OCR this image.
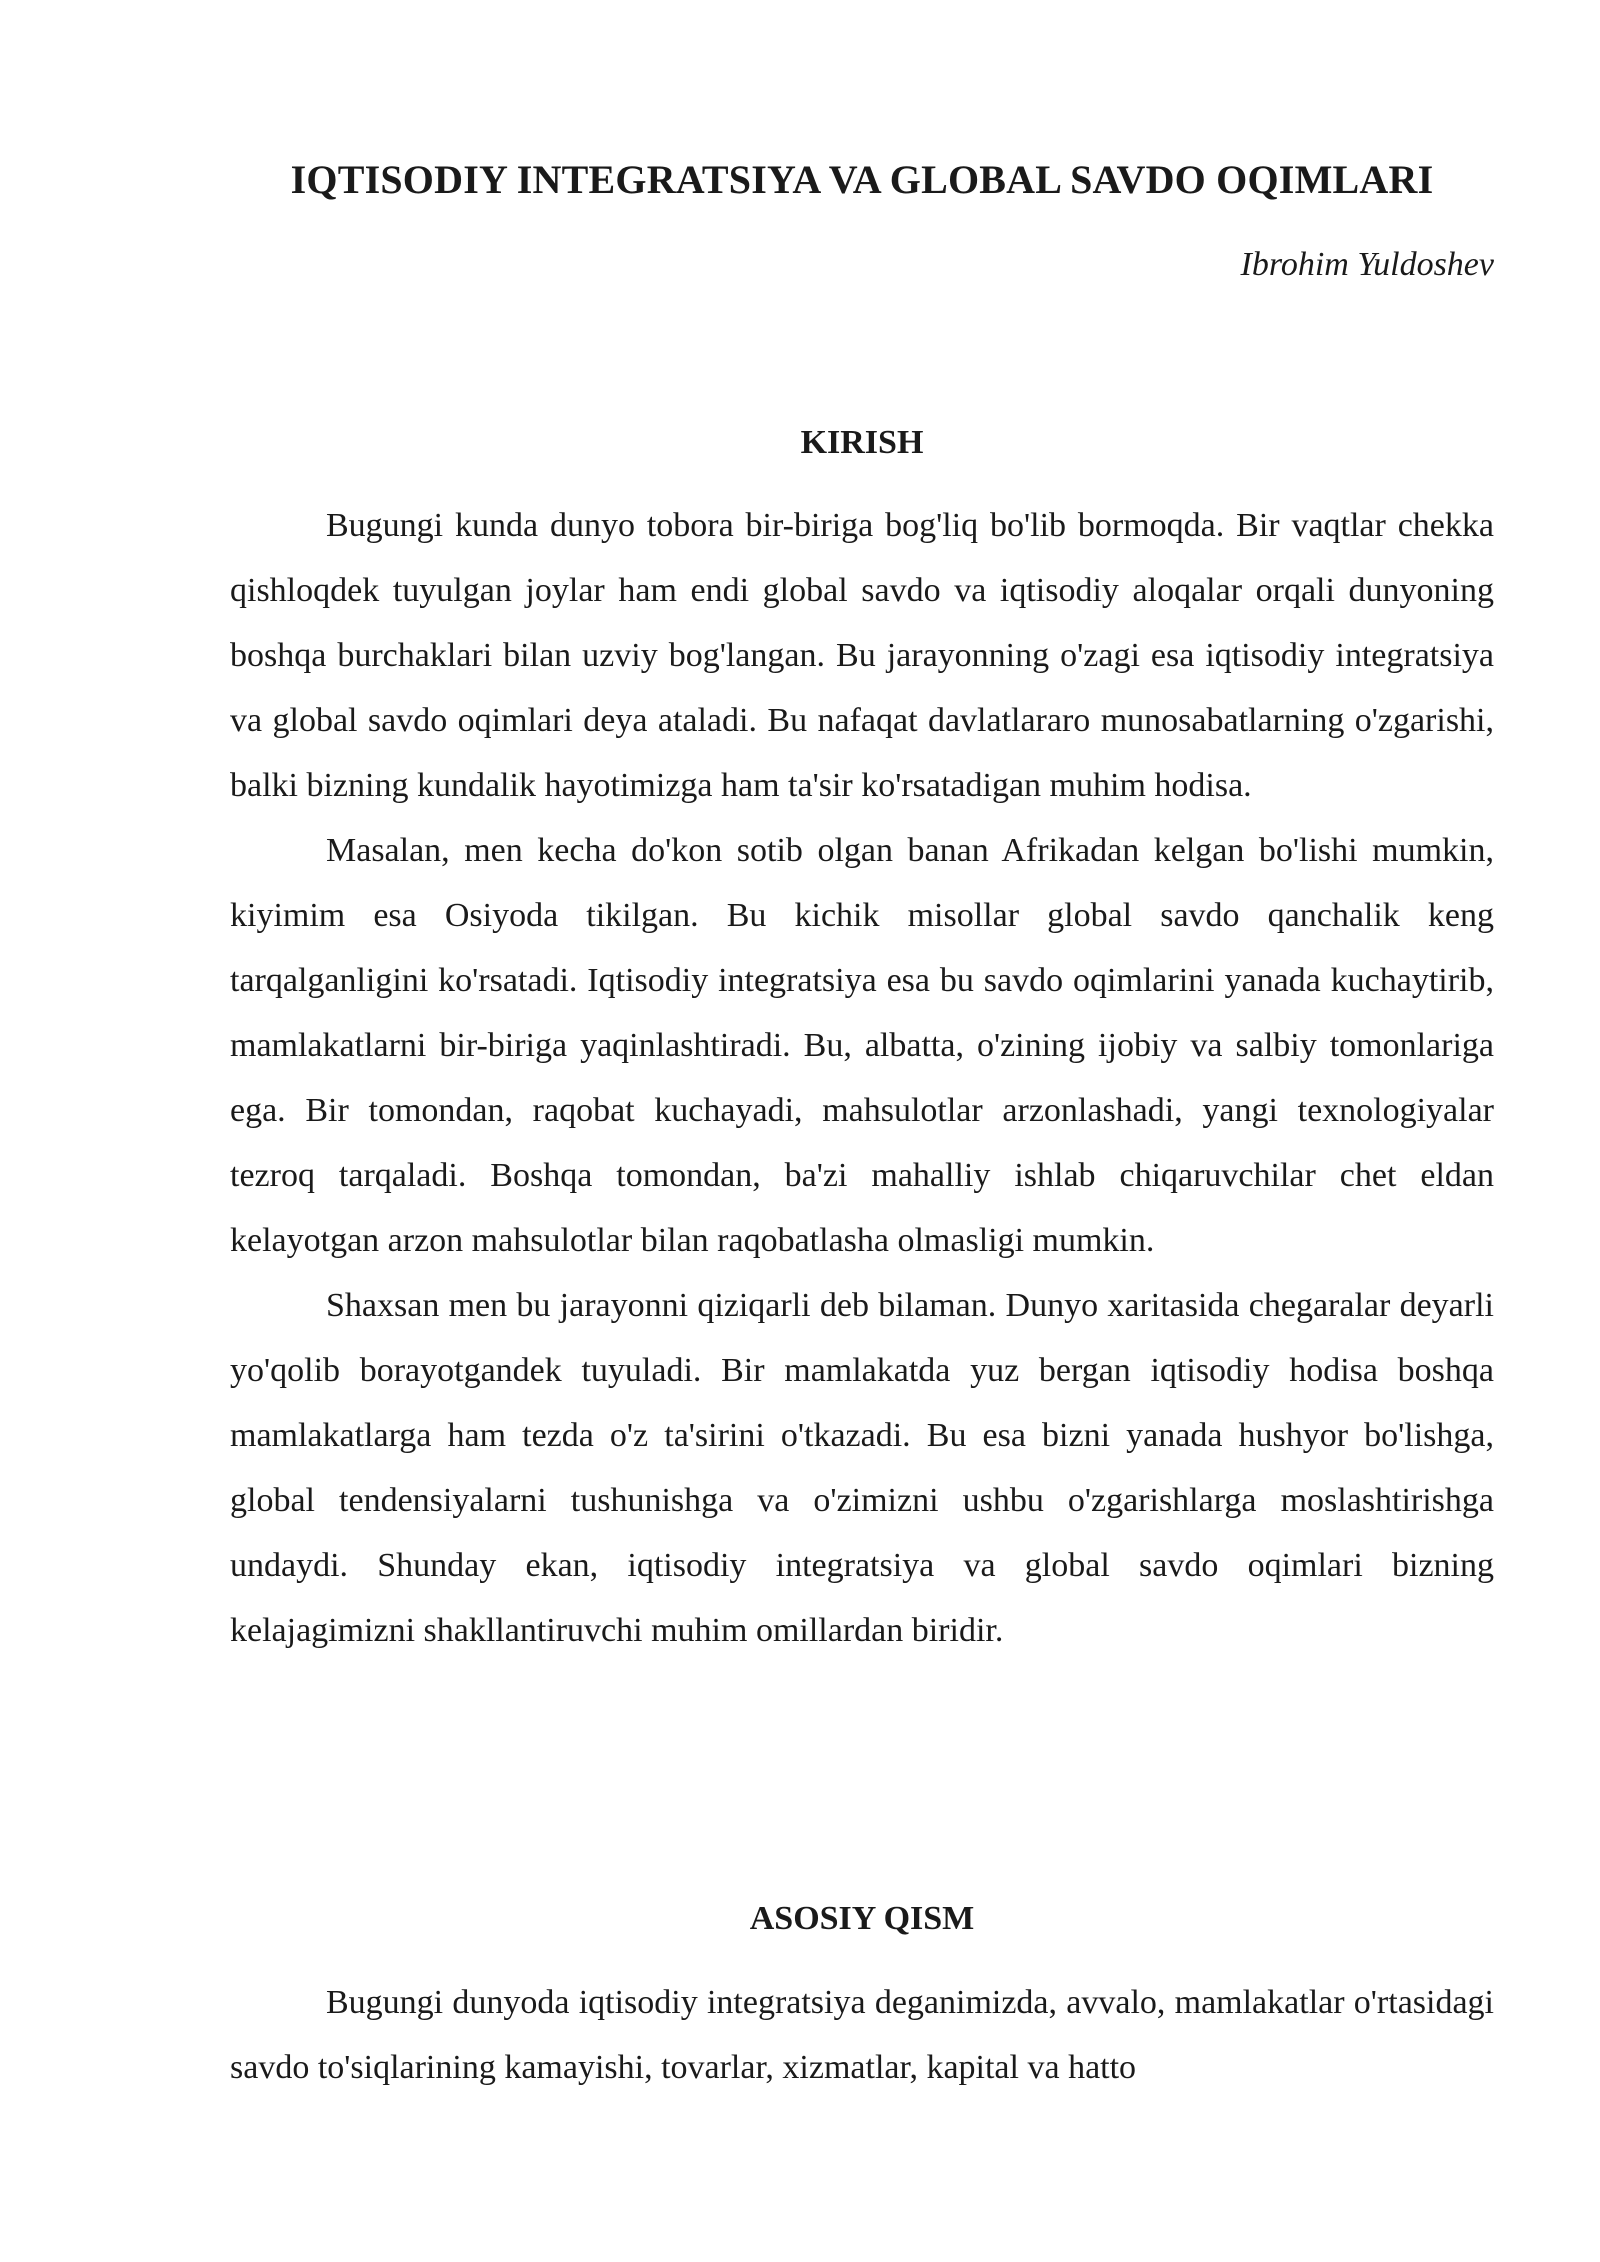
IQTISODIY INTEGRATSIYA VA GLOBAL SAVDO OQIMLARI

Ibrohim Yuldoshev

KIRISH

Bugungi kunda dunyo tobora bir-biriga bog'liq bo'lib bormoqda. Bir vaqtlar chekka qishloqdek tuyulgan joylar ham endi global savdo va iqtisodiy aloqalar orqali dunyoning boshqa burchaklari bilan uzviy bog'langan. Bu jarayonning o'zagi esa iqtisodiy integratsiya va global savdo oqimlari deya ataladi. Bu nafaqat davlatlararo munosabatlarning o'zgarishi, balki bizning kundalik hayotimizga ham ta'sir ko'rsatadigan muhim hodisa.

Masalan, men kecha do'kon sotib olgan banan Afrikadan kelgan bo'lishi mumkin, kiyimim esa Osiyoda tikilgan. Bu kichik misollar global savdo qanchalik keng tarqalganligini ko'rsatadi. Iqtisodiy integratsiya esa bu savdo oqimlarini yanada kuchaytirib, mamlakatlarni bir-biriga yaqinlashtiradi. Bu, albatta, o'zining ijobiy va salbiy tomonlariga ega. Bir tomondan, raqobat kuchayadi, mahsulotlar arzonlashadi, yangi texnologiyalar tezroq tarqaladi. Boshqa tomondan, ba'zi mahalliy ishlab chiqaruvchilar chet eldan kelayotgan arzon mahsulotlar bilan raqobatlasha olmasligi mumkin.

Shaxsan men bu jarayonni qiziqarli deb bilaman. Dunyo xaritasida chegaralar deyarli yo'qolib borayotgandek tuyuladi. Bir mamlakatda yuz bergan iqtisodiy hodisa boshqa mamlakatlarga ham tezda o'z ta'sirini o'tkazadi. Bu esa bizni yanada hushyor bo'lishga, global tendensiyalarni tushunishga va o'zimizni ushbu o'zgarishlarga moslashtirishga undaydi. Shunday ekan, iqtisodiy integratsiya va global savdo oqimlari bizning kelajagimizni shakllantiruvchi muhim omillardan biridir.

ASOSIY QISM

Bugungi dunyoda iqtisodiy integratsiya deganimizda, avvalo, mamlakatlar o'rtasidagi savdo to'siqlarining kamayishi, tovarlar, xizmatlar, kapital va hatto
